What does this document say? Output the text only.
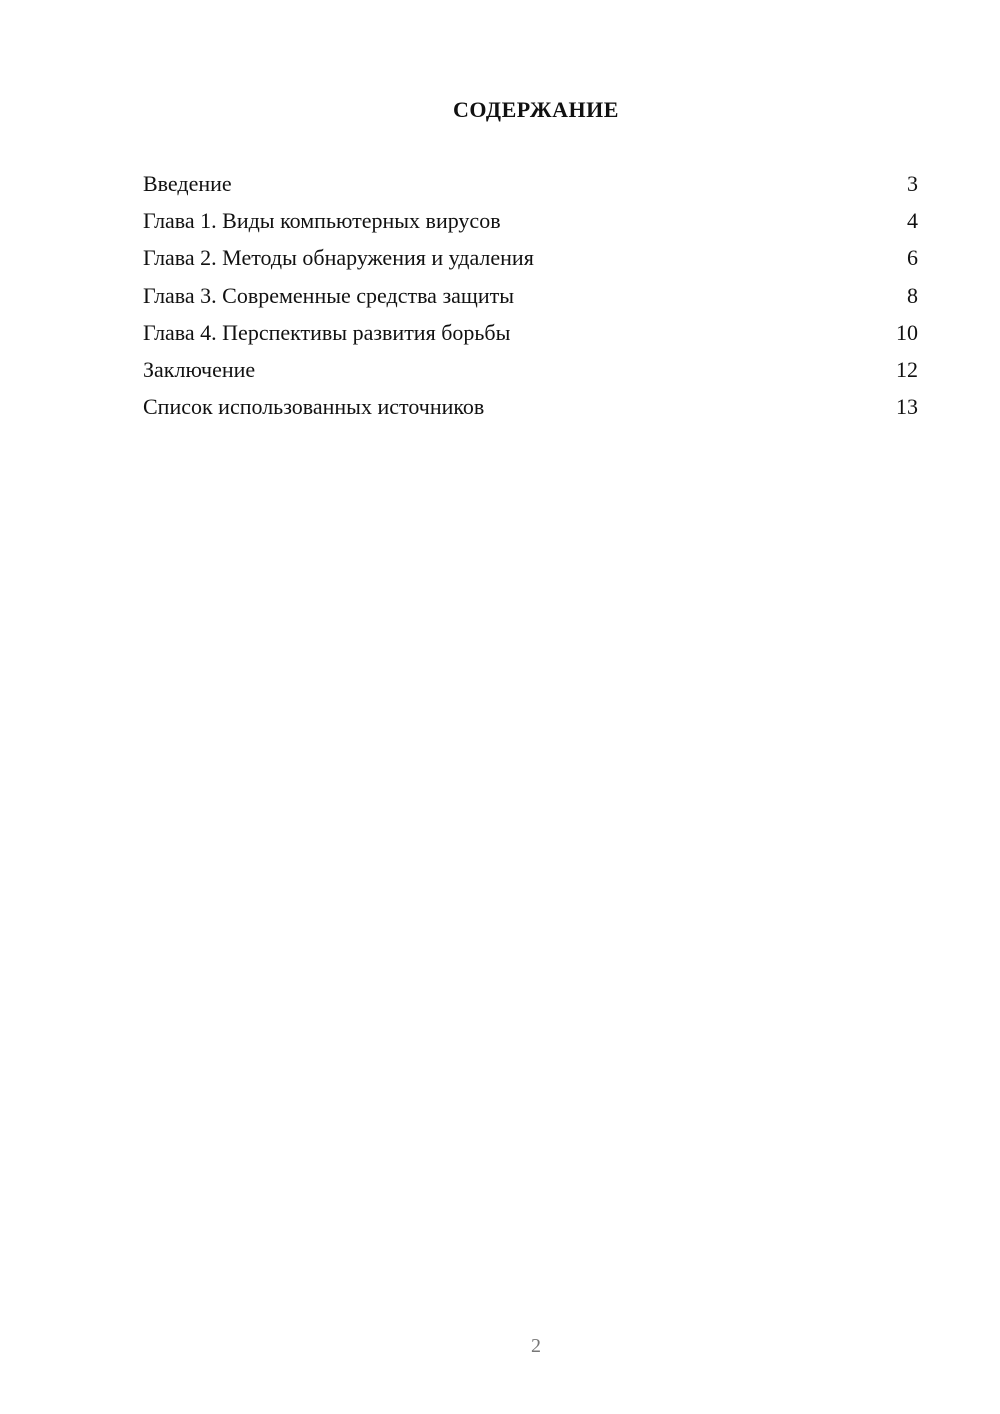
СОДЕРЖАНИЕ
Введение	3
Глава 1. Виды компьютерных вирусов	4
Глава 2. Методы обнаружения и удаления	6
Глава 3. Современные средства защиты	8
Глава 4. Перспективы развития борьбы	10
Заключение	12
Список использованных источников	13
2
